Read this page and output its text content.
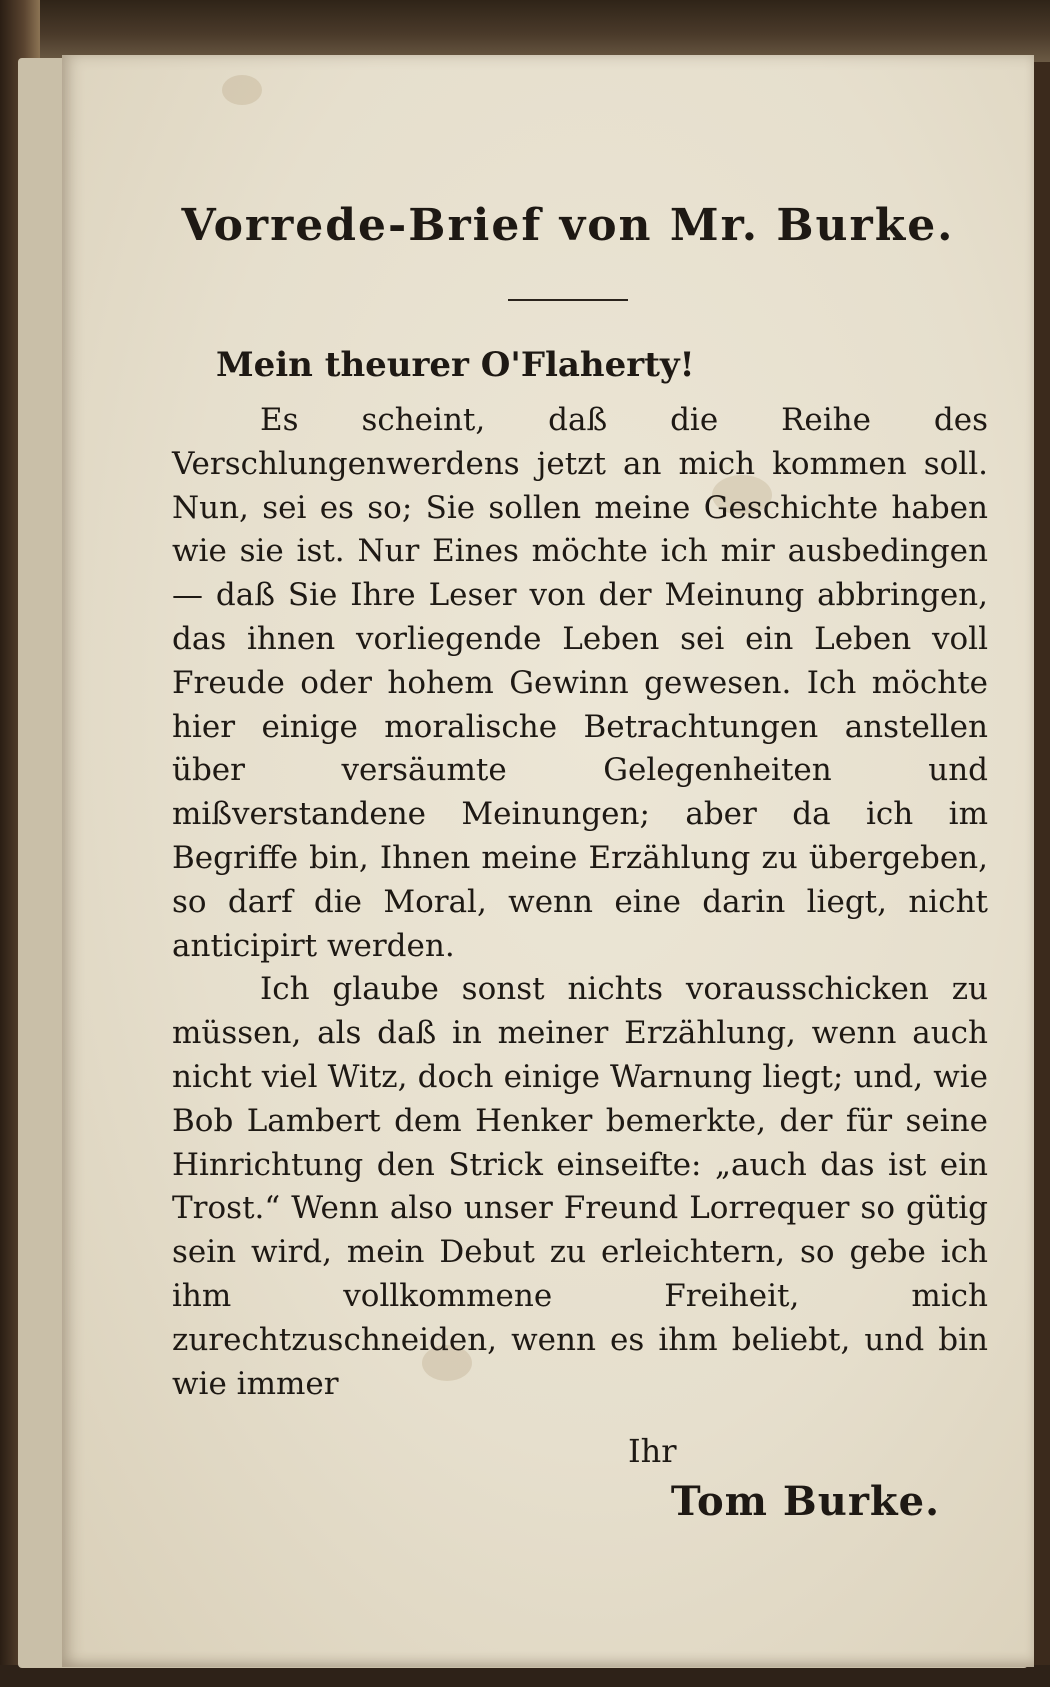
Vorrede-Brief von Mr. Burke.
Mein theurer O'Flaherty!

Es scheint, daß die Reihe des Verschlungenwerdens jetzt an mich kommen soll. Nun, sei es so; Sie sollen meine Geschichte haben wie sie ist. Nur Eines möchte ich mir ausbedingen — daß Sie Ihre Leser von der Meinung abbringen, das ihnen vorliegende Leben sei ein Leben voll Freude oder hohem Gewinn gewesen. Ich möchte hier einige moralische Betrachtungen anstellen über versäumte Gelegenheiten und mißverstandene Meinungen; aber da ich im Begriffe bin, Ihnen meine Erzählung zu übergeben, so darf die Moral, wenn eine darin liegt, nicht anticipirt werden.

Ich glaube sonst nichts vorausschicken zu müssen, als daß in meiner Erzählung, wenn auch nicht viel Witz, doch einige Warnung liegt; und, wie Bob Lambert dem Henker bemerkte, der für seine Hinrichtung den Strick einseifte: „auch das ist ein Trost.“ Wenn also unser Freund Lorrequer so gütig sein wird, mein Debut zu erleichtern, so gebe ich ihm vollkommene Freiheit, mich zurechtzuschneiden, wenn es ihm beliebt, und bin wie immer

Ihr
Tom Burke.
